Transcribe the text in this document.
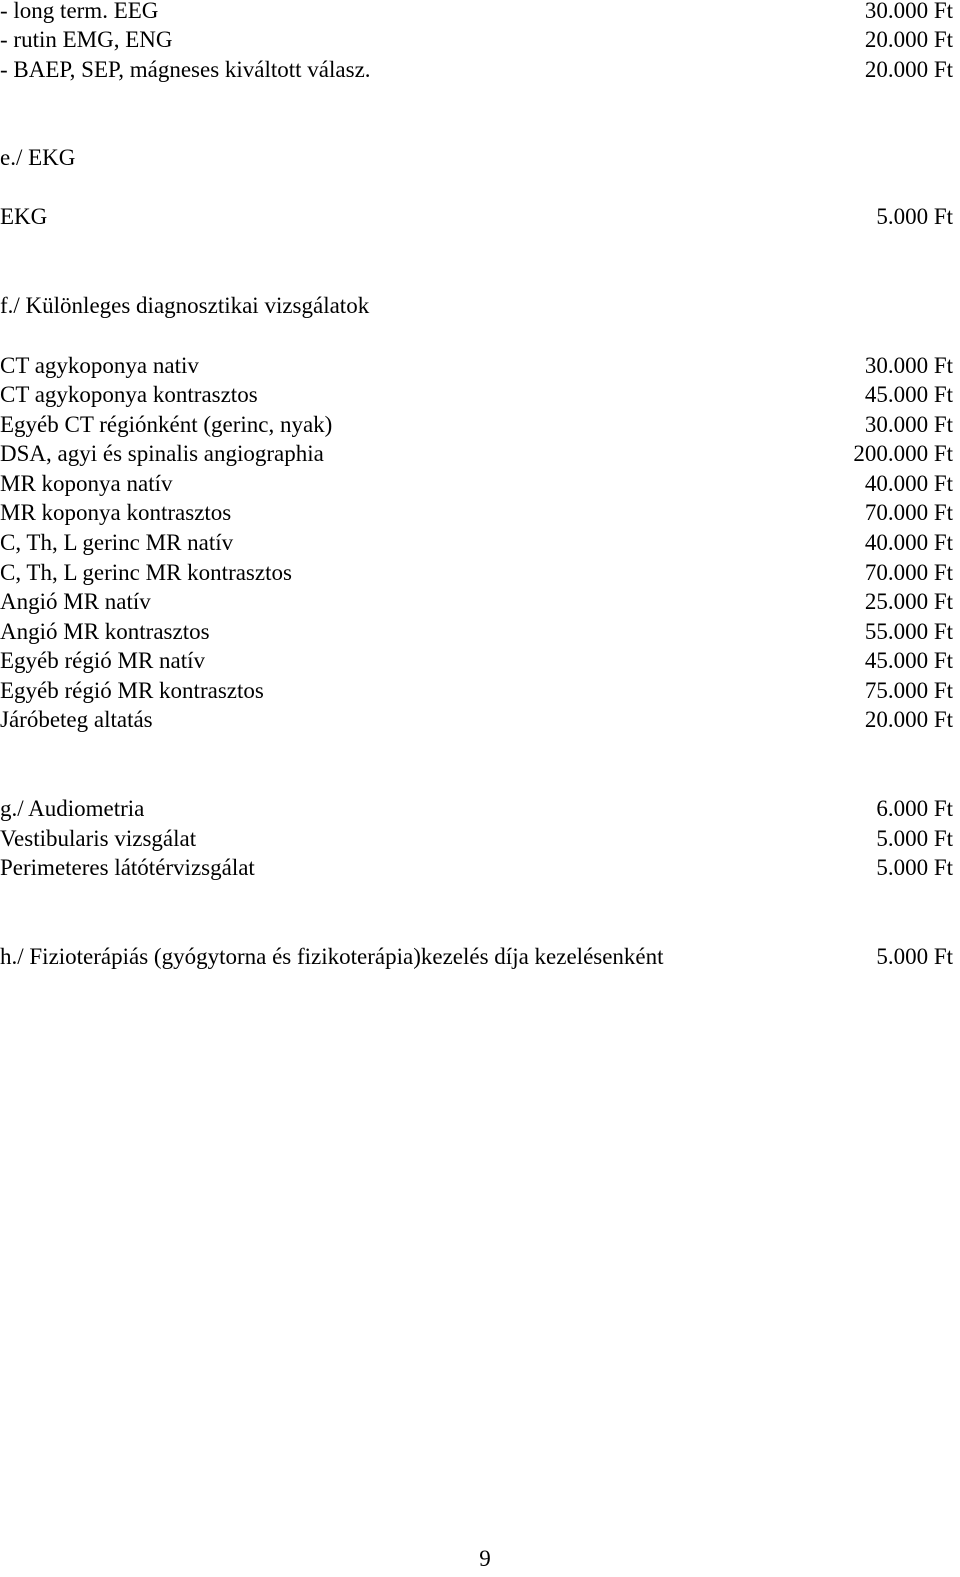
- long term. EEG	30.000 Ft
- rutin EMG, ENG	20.000 Ft
- BAEP, SEP, mágneses kiváltott válasz.	20.000 Ft
e./ EKG
EKG	5.000 Ft
f./ Különleges diagnosztikai vizsgálatok
CT agykoponya nativ	30.000 Ft
CT agykoponya kontrasztos	45.000 Ft
Egyéb CT régiónként (gerinc, nyak)	30.000 Ft
DSA, agyi és spinalis angiographia	200.000 Ft
MR koponya natív	40.000 Ft
MR koponya kontrasztos	70.000 Ft
C, Th, L gerinc MR natív	40.000 Ft
C, Th, L gerinc MR kontrasztos	70.000 Ft
Angió MR natív	25.000 Ft
Angió MR kontrasztos	55.000 Ft
Egyéb régió MR natív	45.000 Ft
Egyéb régió MR kontrasztos	75.000 Ft
Járóbeteg altatás	20.000 Ft
g./ Audiometria	6.000 Ft
Vestibularis vizsgálat	5.000 Ft
Perimeteres látótérvizsgálat	5.000 Ft
h./ Fizioterápiás (gyógytorna és fizikoterápia)kezelés díja kezelésenként	5.000 Ft
9
